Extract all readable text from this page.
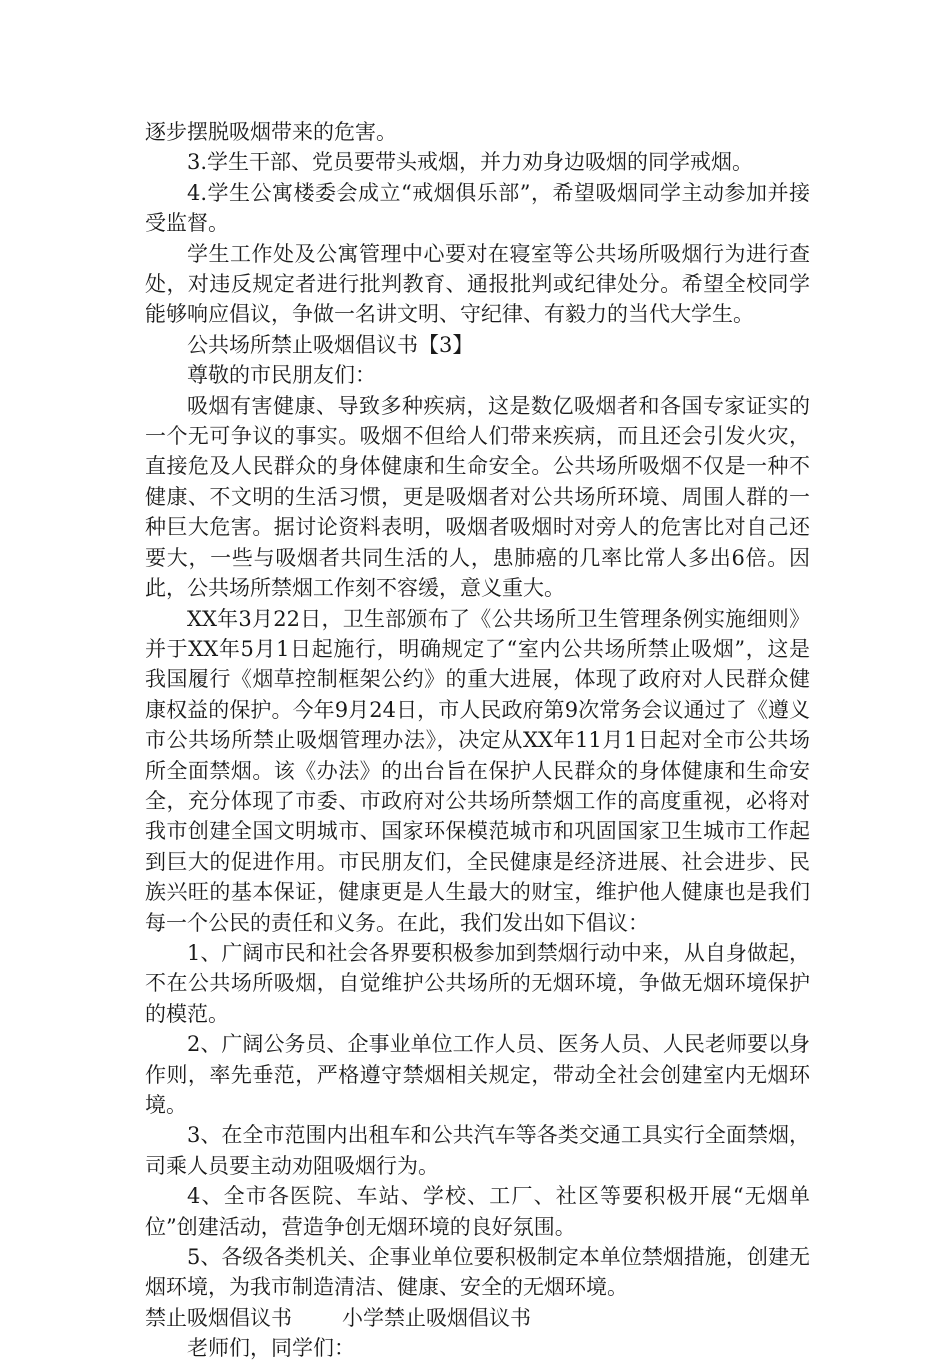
逐步摆脱吸烟带来的危害。

3.学生干部、党员要带头戒烟，并力劝身边吸烟的同学戒烟。

4.学生公寓楼委会成立“戒烟俱乐部”，希望吸烟同学主动参加并接受监督。

学生工作处及公寓管理中心要对在寝室等公共场所吸烟行为进行查处，对违反规定者进行批判教育、通报批判或纪律处分。希望全校同学能够响应倡议，争做一名讲文明、守纪律、有毅力的当代大学生。

公共场所禁止吸烟倡议书【3】

尊敬的市民朋友们：

吸烟有害健康、导致多种疾病，这是数亿吸烟者和各国专家证实的一个无可争议的事实。吸烟不但给人们带来疾病，而且还会引发火灾，直接危及人民群众的身体健康和生命安全。公共场所吸烟不仅是一种不健康、不文明的生活习惯，更是吸烟者对公共场所环境、周围人群的一种巨大危害。据讨论资料表明，吸烟者吸烟时对旁人的危害比对自己还要大，一些与吸烟者共同生活的人，患肺癌的几率比常人多出6倍。因此，公共场所禁烟工作刻不容缓，意义重大。

XX年3月22日，卫生部颁布了《公共场所卫生管理条例实施细则》并于XX年5月1日起施行，明确规定了“室内公共场所禁止吸烟”，这是我国履行《烟草控制框架公约》的重大进展，体现了政府对人民群众健康权益的保护。今年9月24日，市人民政府第9次常务会议通过了《遵义市公共场所禁止吸烟管理办法》，决定从XX年11月1日起对全市公共场所全面禁烟。该《办法》的出台旨在保护人民群众的身体健康和生命安全，充分体现了市委、市政府对公共场所禁烟工作的高度重视，必将对我市创建全国文明城市、国家环保模范城市和巩固国家卫生城市工作起到巨大的促进作用。市民朋友们，全民健康是经济进展、社会进步、民族兴旺的基本保证，健康更是人生最大的财宝，维护他人健康也是我们每一个公民的责任和义务。在此，我们发出如下倡议：

1、广阔市民和社会各界要积极参加到禁烟行动中来，从自身做起，不在公共场所吸烟，自觉维护公共场所的无烟环境，争做无烟环境保护的模范。

2、广阔公务员、企事业单位工作人员、医务人员、人民老师要以身作则，率先垂范，严格遵守禁烟相关规定，带动全社会创建室内无烟环境。

3、在全市范围内出租车和公共汽车等各类交通工具实行全面禁烟，司乘人员要主动劝阻吸烟行为。

4、全市各医院、车站、学校、工厂、社区等要积极开展“无烟单位”创建活动，营造争创无烟环境的良好氛围。

5、各级各类机关、企事业单位要积极制定本单位禁烟措施，创建无烟环境，为我市制造清洁、健康、安全的无烟环境。

禁止吸烟倡议书 小学禁止吸烟倡议书

老师们，同学们：
